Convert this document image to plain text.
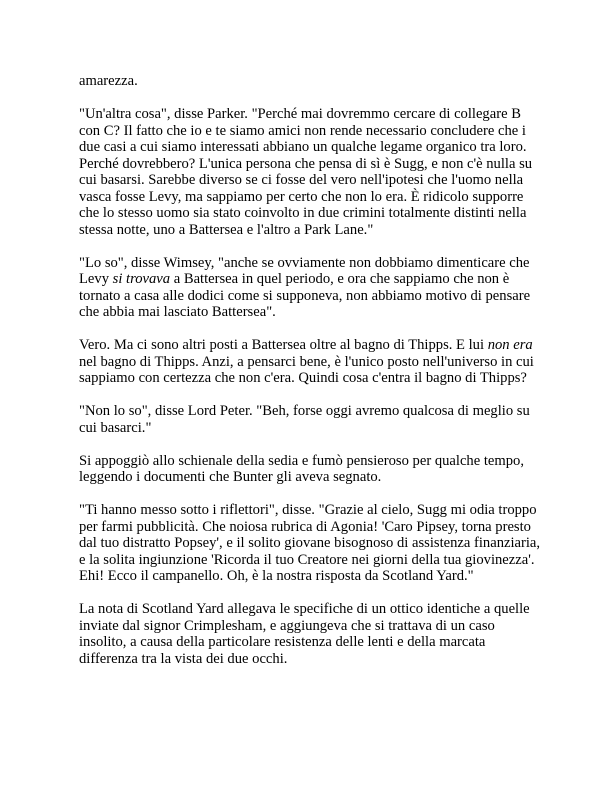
amarezza.

"Un'altra cosa", disse Parker. "Perché mai dovremmo cercare di collegare B con C? Il fatto che io e te siamo amici non rende necessario concludere che i due casi a cui siamo interessati abbiano un qualche legame organico tra loro. Perché dovrebbero? L'unica persona che pensa di sì è Sugg, e non c'è nulla su cui basarsi. Sarebbe diverso se ci fosse del vero nell'ipotesi che l'uomo nella vasca fosse Levy, ma sappiamo per certo che non lo era. È ridicolo supporre che lo stesso uomo sia stato coinvolto in due crimini totalmente distinti nella stessa notte, uno a Battersea e l'altro a Park Lane."

"Lo so", disse Wimsey, "anche se ovviamente non dobbiamo dimenticare che Levy si trovava a Battersea in quel periodo, e ora che sappiamo che non è tornato a casa alle dodici come si supponeva, non abbiamo motivo di pensare che abbia mai lasciato Battersea".

Vero. Ma ci sono altri posti a Battersea oltre al bagno di Thipps. E lui non era nel bagno di Thipps. Anzi, a pensarci bene, è l'unico posto nell'universo in cui sappiamo con certezza che non c'era. Quindi cosa c'entra il bagno di Thipps?

"Non lo so", disse Lord Peter. "Beh, forse oggi avremo qualcosa di meglio su cui basarci."

Si appoggiò allo schienale della sedia e fumò pensieroso per qualche tempo, leggendo i documenti che Bunter gli aveva segnato.

"Ti hanno messo sotto i riflettori", disse. "Grazie al cielo, Sugg mi odia troppo per farmi pubblicità. Che noiosa rubrica di Agonia! 'Caro Pipsey, torna presto dal tuo distratto Popsey', e il solito giovane bisognoso di assistenza finanziaria, e la solita ingiunzione 'Ricorda il tuo Creatore nei giorni della tua giovinezza'. Ehi! Ecco il campanello. Oh, è la nostra risposta da Scotland Yard."

La nota di Scotland Yard allegava le specifiche di un ottico identiche a quelle inviate dal signor Crimplesham, e aggiungeva che si trattava di un caso insolito, a causa della particolare resistenza delle lenti e della marcata differenza tra la vista dei due occhi.
